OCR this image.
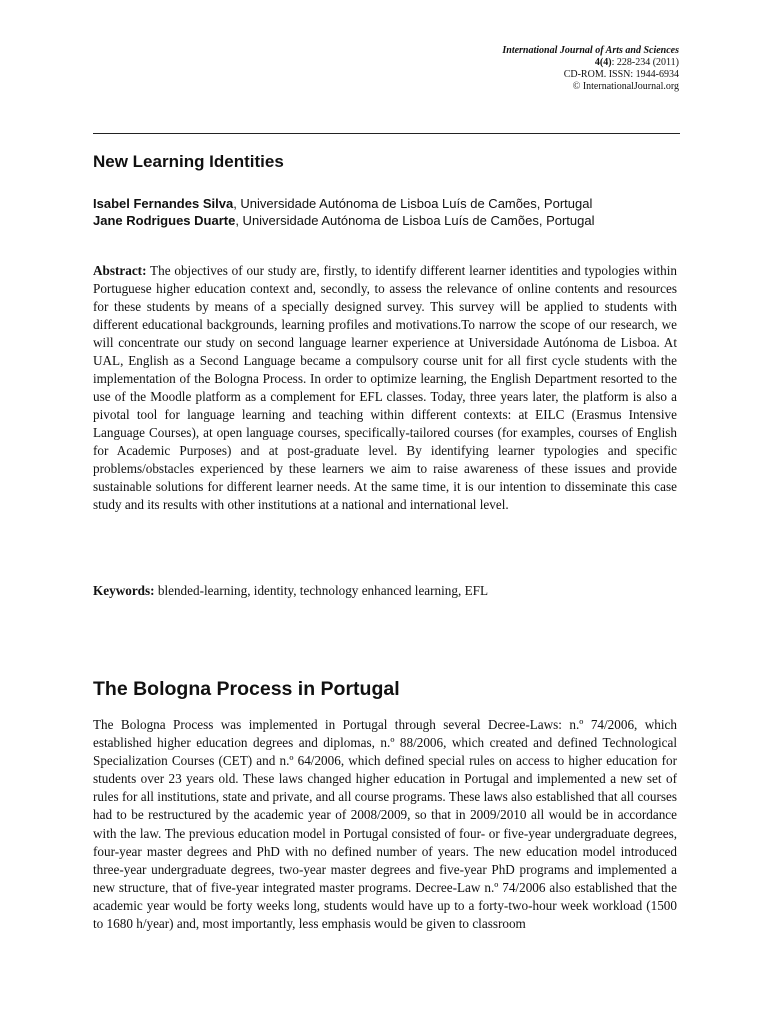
International Journal of Arts and Sciences
4(4): 228-234 (2011)
CD-ROM. ISSN: 1944-6934
© InternationalJournal.org
New Learning Identities
Isabel Fernandes Silva, Universidade Autónoma de Lisboa Luís de Camões, Portugal
Jane Rodrigues Duarte, Universidade Autónoma de Lisboa Luís de Camões, Portugal

Abstract: The objectives of our study are, firstly, to identify different learner identities and typologies within Portuguese higher education context and, secondly, to assess the relevance of online contents and resources for these students by means of a specially designed survey. This survey will be applied to students with different educational backgrounds, learning profiles and motivations.To narrow the scope of our research, we will concentrate our study on second language learner experience at Universidade Autónoma de Lisboa. At UAL, English as a Second Language became a compulsory course unit for all first cycle students with the implementation of the Bologna Process. In order to optimize learning, the English Department resorted to the use of the Moodle platform as a complement for EFL classes. Today, three years later, the platform is also a pivotal tool for language learning and teaching within different contexts: at EILC (Erasmus Intensive Language Courses), at open language courses, specifically-tailored courses (for examples, courses of English for Academic Purposes) and at post-graduate level. By identifying learner typologies and specific problems/obstacles experienced by these learners we aim to raise awareness of these issues and provide sustainable solutions for different learner needs. At the same time, it is our intention to disseminate this case study and its results with other institutions at a national and international level.

Keywords: blended-learning, identity, technology enhanced learning, EFL

The Bologna Process in Portugal

The Bologna Process was implemented in Portugal through several Decree-Laws: n.º 74/2006, which established higher education degrees and diplomas, n.º 88/2006, which created and defined Technological Specialization Courses (CET) and n.º 64/2006, which defined special rules on access to higher education for students over 23 years old. These laws changed higher education in Portugal and implemented a new set of rules for all institutions, state and private, and all course programs. These laws also established that all courses had to be restructured by the academic year of 2008/2009, so that in 2009/2010 all would be in accordance with the law. The previous education model in Portugal consisted of four- or five-year undergraduate degrees, four-year master degrees and PhD with no defined number of years. The new education model introduced three-year undergraduate degrees, two-year master degrees and five-year PhD programs and implemented a new structure, that of five-year integrated master programs. Decree-Law n.º 74/2006 also established that the academic year would be forty weeks long, students would have up to a forty-two-hour week workload (1500 to 1680 h/year) and, most importantly, less emphasis would be given to classroom
